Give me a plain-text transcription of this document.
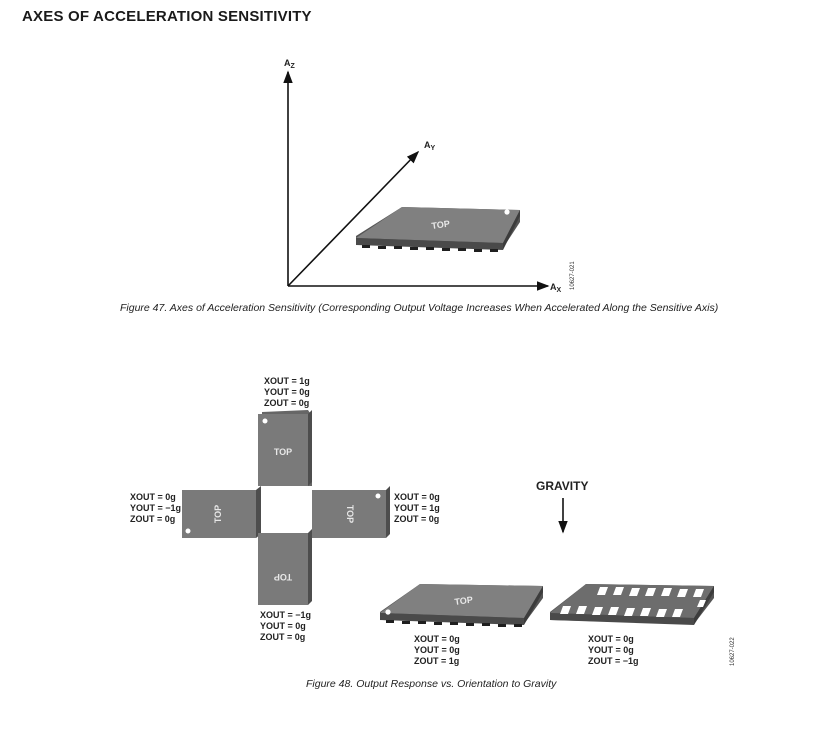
AXES OF ACCELERATION SENSITIVITY
$A_Z$
$A_Y$
$A_X$
TOP
10627-021
TOP
XOUT = 1g
YOUT = 0g
ZOUT = 0g
TOP
XOUT = 0g
YOUT = −1g
ZOUT = 0g	TOP
XOUT = 0g
YOUT = 1g
ZOUT = 0g
TOP
XOUT = −1g
YOUT = 0g
ZOUT = 0g
GRAVITY
TOP
XOUT = 0g
YOUT = 0g
ZOUT = 1g
XOUT = 0g
YOUT = 0g
ZOUT = −1g	10627-022
Figure 47. Axes of Acceleration Sensitivity (Corresponding Output Voltage Increases When Accelerated Along the Sensitive Axis)
Figure 48. Output Response vs. Orientation to Gravity
